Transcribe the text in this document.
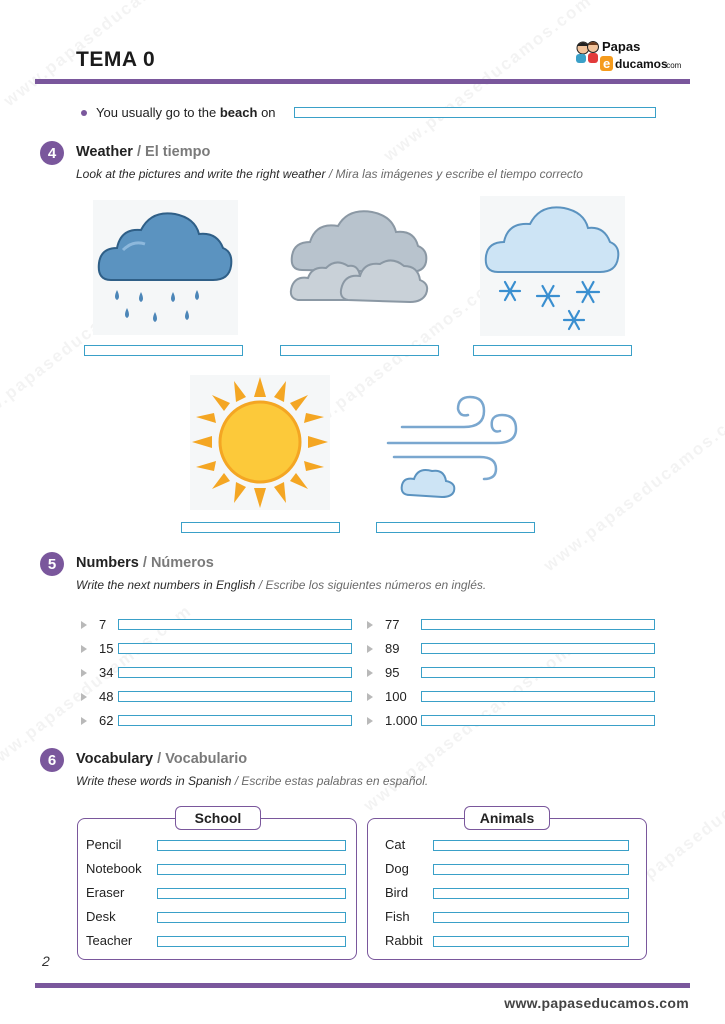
TEMA 0
Papas
e ducamos
.com
You usually go to the
beach
on
4	Weather / El tiempo
Look at the pictures and write the right weather / Mira las imágenes y escribe el tiempo correcto
5	Numbers / Números
Write the next numbers in English / Escribe los siguientes números en inglés.
7
15
34
48
62
77
89
95
100
1.000
6	Vocabulary / Vocabulario
Write these words in Spanish / Escribe estas palabras en español.
School
Pencil
Notebook
Eraser
Desk
Teacher
Animals
Cat
Dog
Bird
Fish
Rabbit
2
www.papaseducamos.com
